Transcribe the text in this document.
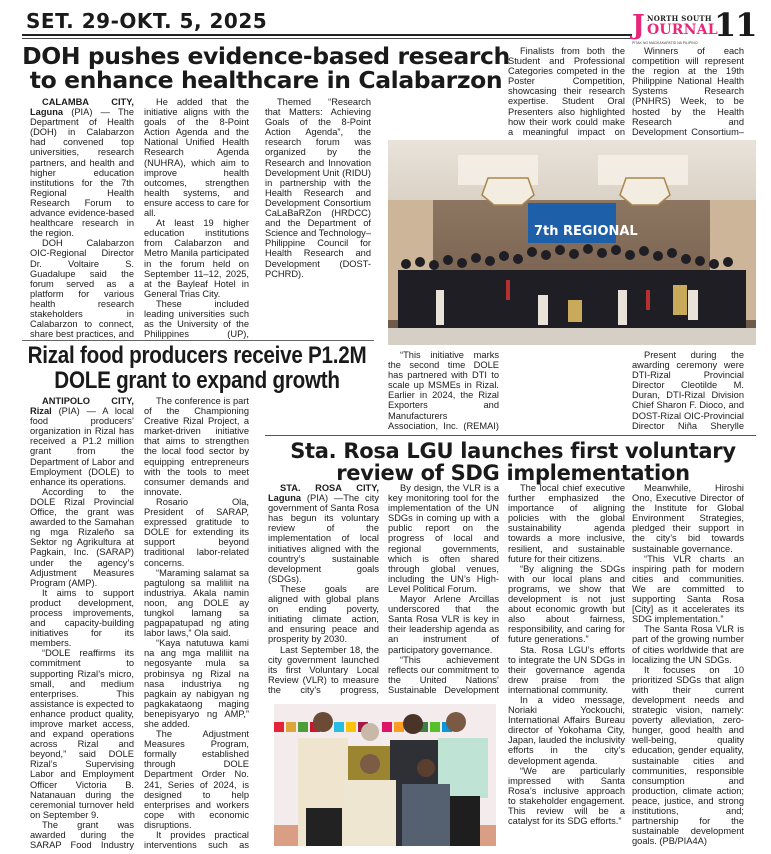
SET. 29-OKT. 5, 2025	J NORTH SOUTH
OURNAL
PITAK NG MAGKAKAPATID NA PILIPINO 11
DOH pushes evidence-based research
to enhance healthcare in Calabarzon

CALAMBA CITY, Laguna (PIA) — The Department of Health (DOH) in Calabarzon had convened top universities, research partners, and health and higher education institutions for the 7th Regional Health Research Forum to advance evidence-based healthcare research in the region.

DOH Calabarzon OIC-Regional Director Dr. Voltaire S. Guadalupe said the forum served as a platform for various health research stakeholders in Calabarzon to connect, share best practices, and

He added that the initiative aligns with the goals of the 8-Point Action Agenda and the National Unified Health Research Agenda (NUHRA), which aim to improve health outcomes, strengthen health systems, and ensure access to care for all.

At least 19 higher education institutions from Calabarzon and Metro Manila participated in the forum held on September 11–12, 2025, at the Bayleaf Hotel in General Trias City.

These included leading universities such as the University of the Philippines (UP),

Themed “Research that Matters: Achieving Goals of the 8-Point Action Agenda”, the research forum was organized by the Research and Innovation Development Unit (RIDU) in partnership with the Health Research and Development Consortium CaLaBaRZon (HRDCC) and the Department of Science and Technology–Philippine Council for Health Research and Development (DOST-PCHRD).

Finalists from both the Student and Professional Categories competed in the Poster Competition, showcasing their research expertise. Student Oral Presenters also highlighted how their work could make a meaningful impact on

Winners of each competition will represent the region at the 19th Philippine National Health Systems Research (PNHRS) Week, to be hosted by the Health Research and Development Consortium–

7th REGIONAL
Rizal food producers receive P1.2M
DOLE grant to expand growth

ANTIPOLO CITY, Rizal (PIA) — A local food producers’ organization in Rizal has received a P1.2 million grant from the Department of Labor and Employment (DOLE) to enhance its operations.

According to the DOLE Rizal Provincial Office, the grant was awarded to the Samahan ng mga Rizaleño sa Sektor ng Agrikultura at Pagkain, Inc. (SARAP) under the agency’s Adjustment Measures Program (AMP).

It aims to support product development, process improvements, and capacity-building initiatives for its members.

“DOLE reaffirms its commitment to supporting Rizal’s micro, small, and medium enterprises. This assistance is expected to enhance product quality, improve market access, and expand operations across Rizal and beyond,” said DOLE Rizal’s Supervising Labor and Employment Officer Victoria B. Natanauan during the ceremonial turnover held on September 9.

The grant was awarded during the SARAP Food Industry

The conference is part of the Championing Creative Rizal Project, a market-driven initiative that aims to strengthen the local food sector by equipping entrepreneurs with the tools to meet consumer demands and innovate.

Rosario Ola, President of SARAP, expressed gratitude to DOLE for extending its support beyond traditional labor-related concerns.

“Maraming salamat sa pagtulong sa maliliit na industriya. Akala namin noon, ang DOLE ay tungkol lamang sa pagpapatupad ng ating labor laws,” Ola said.

“Kaya natutuwa kami na ang mga maliliit na negosyante mula sa probinsya ng Rizal na nasa industriya ng pagkain ay nabigyan ng pagkakataong maging benepisyaryo ng AMP,” she added.

The Adjustment Measures Program, formally established through DOLE Department Order No. 241, Series of 2024, is designed to help enterprises and workers cope with economic disruptions.

It provides practical interventions such as

“This initiative marks the second time DOLE has partnered with DTI to scale up MSMEs in Rizal. Earlier in 2024, the Rizal Exporters and Manufacturers Association, Inc. (REMAI)

Present during the awarding ceremony were DTI-Rizal Provincial Director Cleotilde M. Duran, DTI-Rizal Division Chief Sharon F. Dioco, and DOST-Rizal OIC-Provincial Director Niña Sherylle

Sta. Rosa LGU launches first voluntary
review of SDG implementation

STA. ROSA CITY, Laguna (PIA) —The city government of Santa Rosa has begun its voluntary review of the implementation of local initiatives aligned with the country’s sustainable development goals (SDGs).

These goals are aligned with global plans on ending poverty, initiating climate action, and ensuring peace and prosperity by 2030.

Last September 18, the city government launched its first Voluntary Local Review (VLR) to measure the city’s progress,

By design, the VLR is a key monitoring tool for the implementation of the UN SDGs in coming up with a public report on the progress of local and regional governments, which is often shared through global venues, including the UN’s High-Level Political Forum.

Mayor Arlene Arcillas underscored that the Santa Rosa VLR is key in their leadership agenda as an instrument of participatory governance.

“This achievement reflects our commitment to the United Nations’ Sustainable Development

The local chief executive further emphasized the importance of aligning policies with the global sustainability agenda towards a more inclusive, resilient, and sustainable future for their citizens.

“By aligning the SDGs with our local plans and programs, we show that development is not just about economic growth but also about fairness, responsibility, and caring for future generations.”

Sta. Rosa LGU’s efforts to integrate the UN SDGs in their governance agenda drew praise from the international community.

In a video message, Noriaki Yockouchi, International Affairs Bureau director of Yokohama City, Japan, lauded the inclusivity efforts in the city’s development agenda.

“We are particularly impressed with Santa Rosa’s inclusive approach to stakeholder engagement. This review will be a catalyst for its SDG efforts.”

Meanwhile, Hiroshi Ono, Executive Director of the Institute for Global Environment Strategies, pledged their support in the city’s bid towards sustainable governance.

“This VLR charts an inspiring path for modern cities and communities. We are committed to supporting Santa Rosa [City] as it accelerates its SDG implementation.”

The Santa Rosa VLR is part of the growing number of cities worldwide that are localizing the UN SDGs.

It focuses on 10 prioritized SDGs that align with their current development needs and strategic vision, namely: poverty alleviation, zero-hunger, good health and well-being, quality education, gender equality, sustainable cities and communities, responsible consumption and production, climate action; peace, justice, and strong institutions, and; partnership for the sustainable development goals. (PB/PIA4A)
